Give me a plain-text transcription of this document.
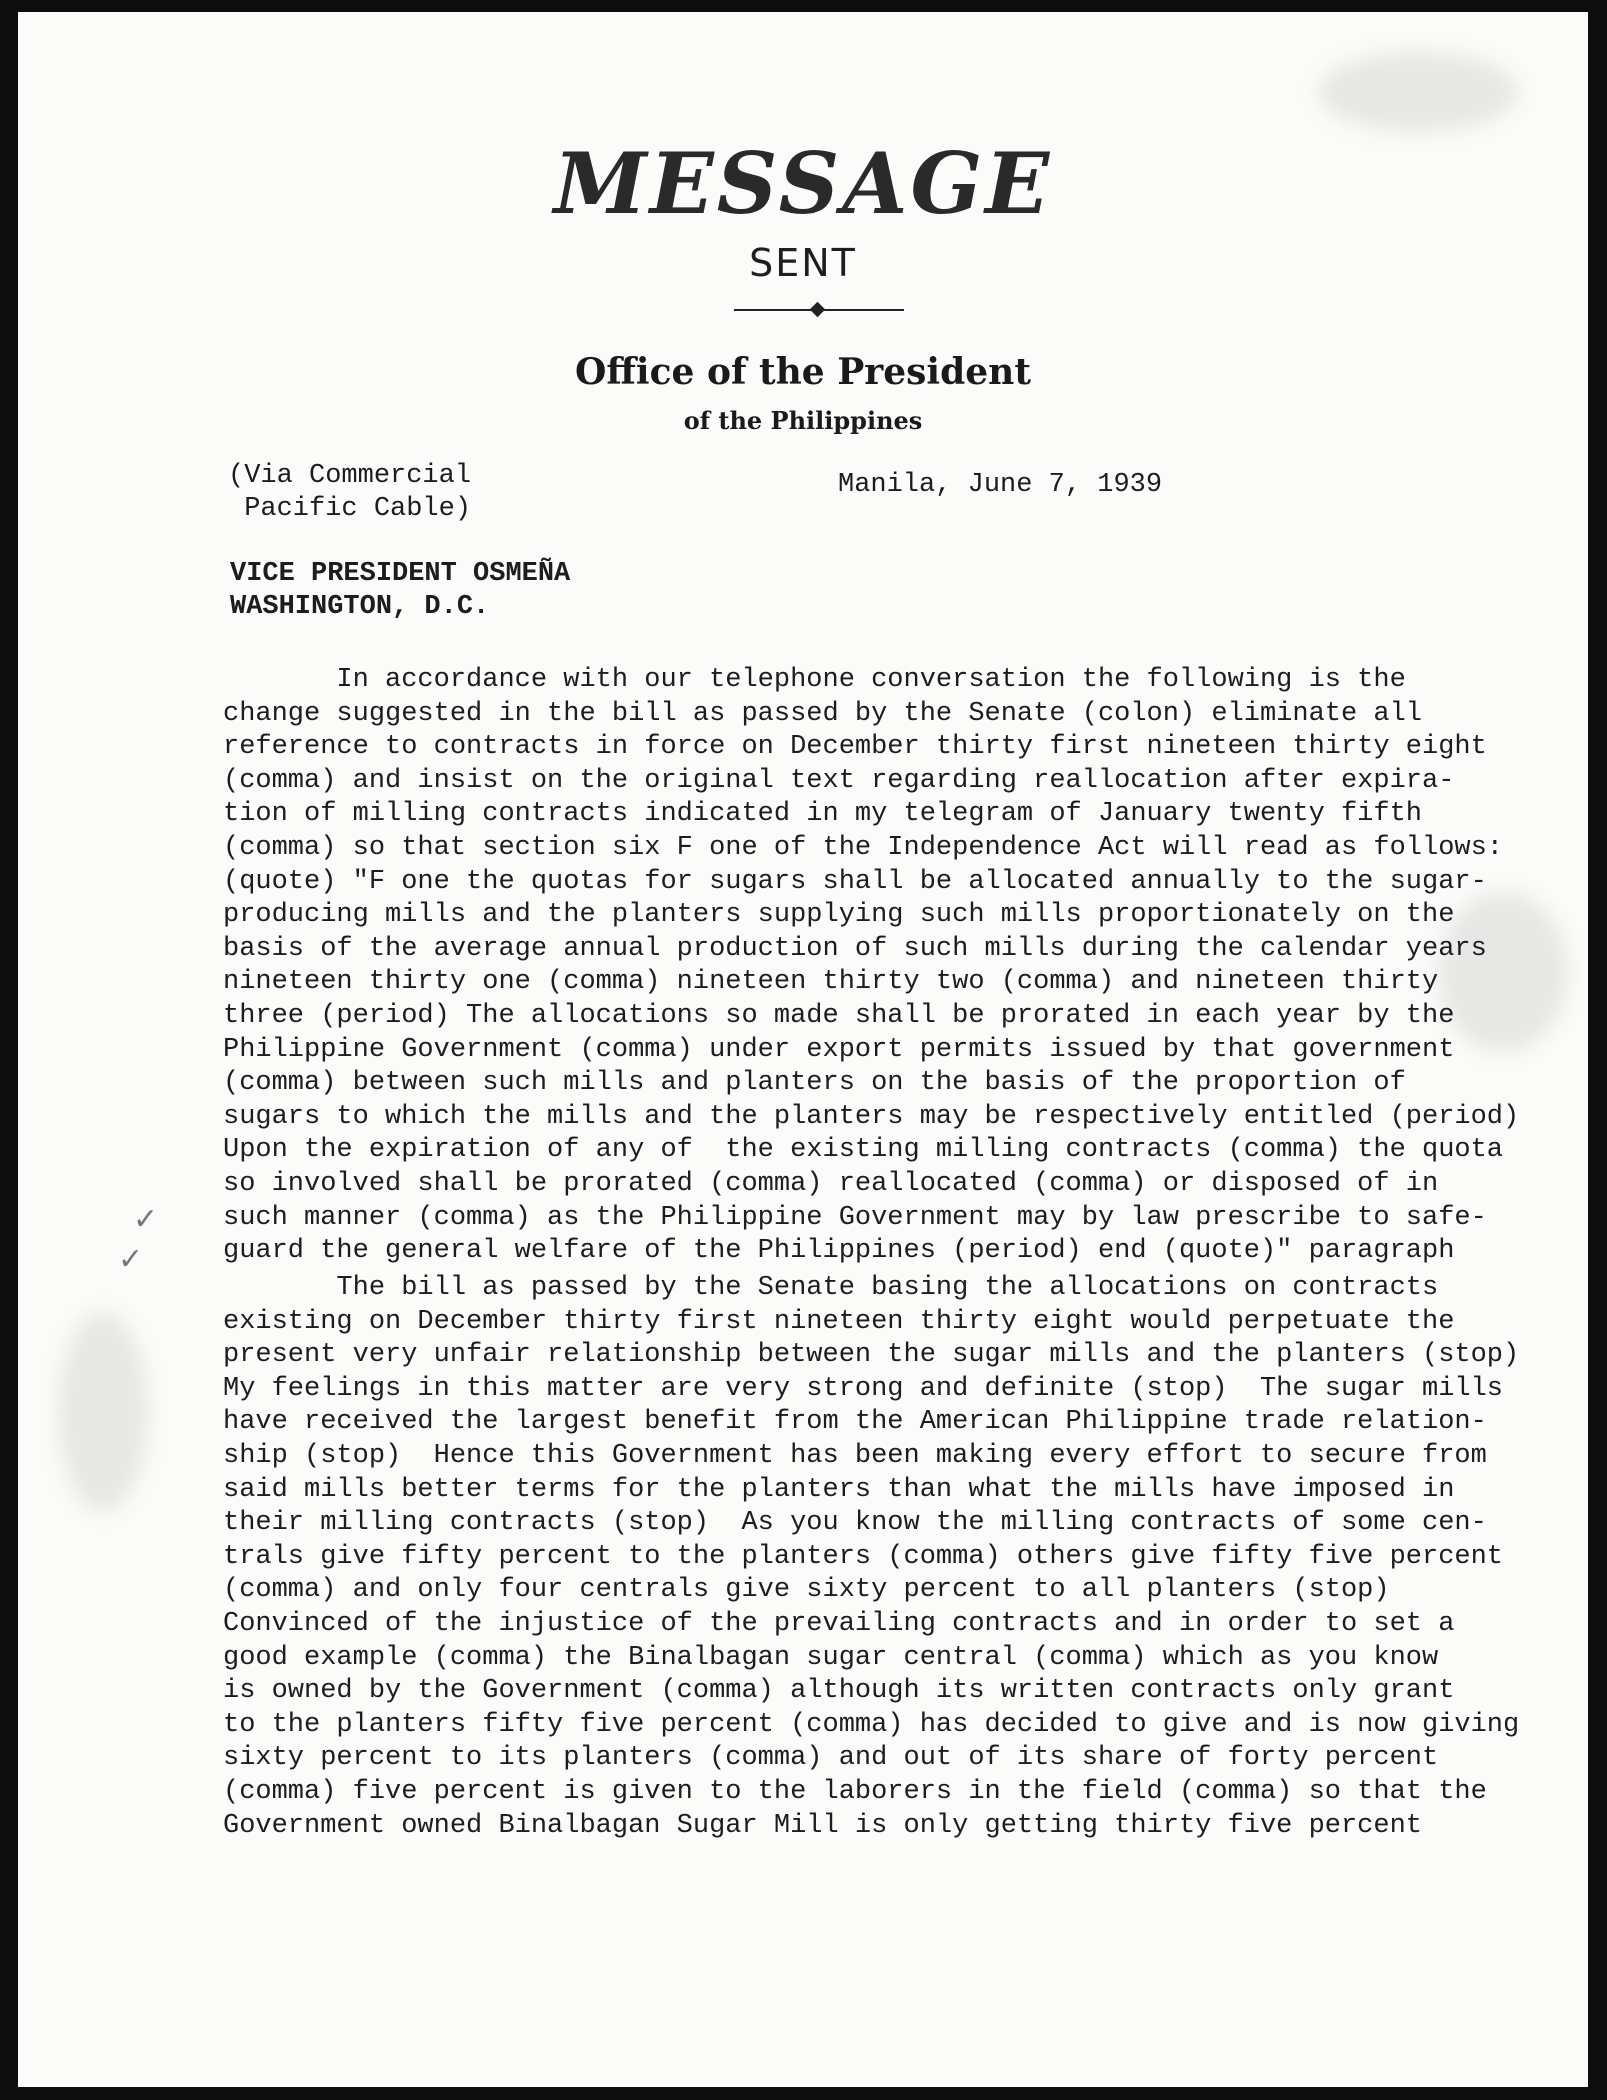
MESSAGE
SENT
Office of the President
of the Philippines
(Via Commercial
Pacific Cable)
Manila, June 7, 1939
VICE PRESIDENT OSMEÑA
WASHINGTON, D.C.
In accordance with our telephone conversation the following is the
change suggested in the bill as passed by the Senate (colon) eliminate all
reference to contracts in force on December thirty first nineteen thirty eight
(comma) and insist on the original text regarding reallocation after expira-
tion of milling contracts indicated in my telegram of January twenty fifth
(comma) so that section six F one of the Independence Act will read as follows:
(quote) "F one the quotas for sugars shall be allocated annually to the sugar-
producing mills and the planters supplying such mills proportionately on the
basis of the average annual production of such mills during the calendar years
nineteen thirty one (comma) nineteen thirty two (comma) and nineteen thirty
three (period) The allocations so made shall be prorated in each year by the
Philippine Government (comma) under export permits issued by that government
(comma) between such mills and planters on the basis of the proportion of
sugars to which the mills and the planters may be respectively entitled (period)
Upon the expiration of any of  the existing milling contracts (comma) the quota
so involved shall be prorated (comma) reallocated (comma) or disposed of in
such manner (comma) as the Philippine Government may by law prescribe to safe-
guard the general welfare of the Philippines (period) end (quote)" paragraph
✓
✓
The bill as passed by the Senate basing the allocations on contracts
existing on December thirty first nineteen thirty eight would perpetuate the
present very unfair relationship between the sugar mills and the planters (stop)
My feelings in this matter are very strong and definite (stop)  The sugar mills
have received the largest benefit from the American Philippine trade relation-
ship (stop)  Hence this Government has been making every effort to secure from
said mills better terms for the planters than what the mills have imposed in
their milling contracts (stop)  As you know the milling contracts of some cen-
trals give fifty percent to the planters (comma) others give fifty five percent
(comma) and only four centrals give sixty percent to all planters (stop)
Convinced of the injustice of the prevailing contracts and in order to set a
good example (comma) the Binalbagan sugar central (comma) which as you know
is owned by the Government (comma) although its written contracts only grant
to the planters fifty five percent (comma) has decided to give and is now giving
sixty percent to its planters (comma) and out of its share of forty percent
(comma) five percent is given to the laborers in the field (comma) so that the
Government owned Binalbagan Sugar Mill is only getting thirty five percent
